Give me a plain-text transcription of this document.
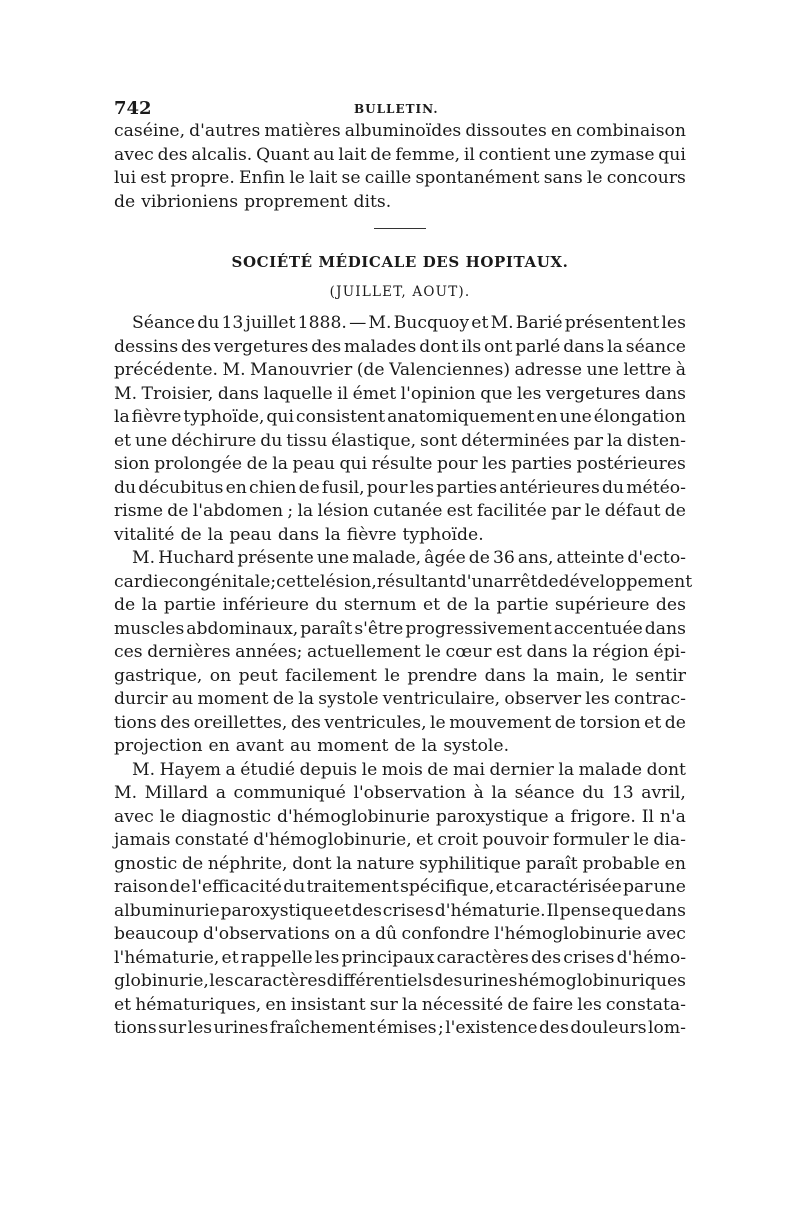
742	BULLETIN.
caséine, d'autres matières albuminoïdes dissoutes en combinaison
avec des alcalis. Quant au lait de femme, il contient une zymase qui
lui est propre. Enfin le lait se caille spontanément sans le concours
de vibrioniens proprement dits.
SOCIÉTÉ MÉDICALE DES HOPITAUX.
(JUILLET, AOUT).
Séance du 13 juillet 1888. — M. Bucquoy et M. Barié présentent les
dessins des vergetures des malades dont ils ont parlé dans la séance
précédente. M. Manouvrier (de Valenciennes) adresse une lettre à
M. Troisier, dans laquelle il émet l'opinion que les vergetures dans
la fièvre typhoïde, qui consistent anatomiquement en une élongation
et une déchirure du tissu élastique, sont déterminées par la disten-
sion prolongée de la peau qui résulte pour les parties postérieures
du décubitus en chien de fusil, pour les parties antérieures du météo-
risme de l'abdomen ; la lésion cutanée est facilitée par le défaut de
vitalité de la peau dans la fièvre typhoïde.
M. Huchard présente une malade, âgée de 36 ans, atteinte d'ecto-
cardie congénitale ; cette lésion, résultant d'un arrêt de développement
de la partie inférieure du sternum et de la partie supérieure des
muscles abdominaux, paraît s'être progressivement accentuée dans
ces dernières années; actuellement le cœur est dans la région épi-
gastrique, on peut facilement le prendre dans la main, le sentir
durcir au moment de la systole ventriculaire, observer les contrac-
tions des oreillettes, des ventricules, le mouvement de torsion et de
projection en avant au moment de la systole.
M. Hayem a étudié depuis le mois de mai dernier la malade dont
M. Millard a communiqué l'observation à la séance du 13 avril,
avec le diagnostic d'hémoglobinurie paroxystique a frigore. Il n'a
jamais constaté d'hémoglobinurie, et croit pouvoir formuler le dia-
gnostic de néphrite, dont la nature syphilitique paraît probable en
raison de l'efficacité du traitement spécifique, et caractérisée par une
albuminurie paroxystique et des crises d'hématurie. Il pense que dans
beaucoup d'observations on a dû confondre l'hémoglobinurie avec
l'hématurie, et rappelle les principaux caractères des crises d'hémo-
globinurie, les caractères différentiels des urines hémoglobinuriques
et hématuriques, en insistant sur la nécessité de faire les constata-
tions sur les urines fraîchement émises ; l'existence des douleurs lom-
